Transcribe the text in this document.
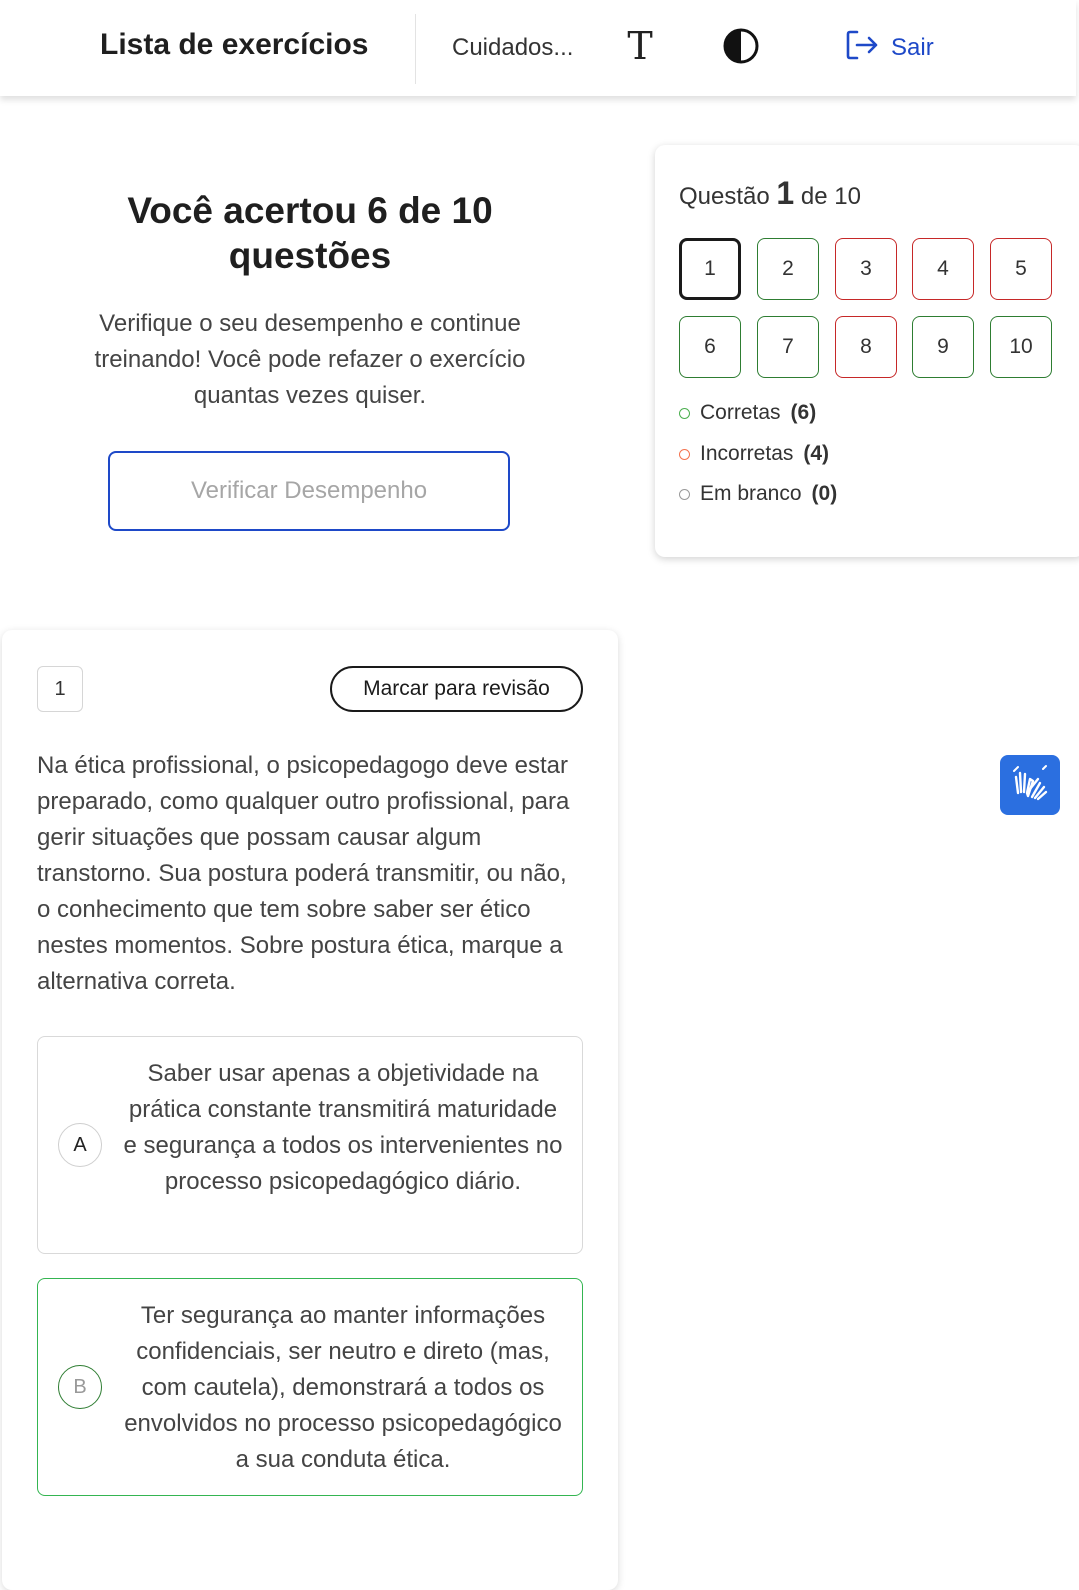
Lista de exercícios	Cuidados... T	Sair
Você acertou 6 de 10 questões

Verifique o seu desempenho e continue treinando! Você pode refazer o exercício quantas vezes quiser.

Verificar Desempenho
Questão 1 de 10
1	2	3	4	5
6	7	8	9	10
Corretas (6)
Incorretas (4)
Em branco (0)
1	Marcar para revisão

Na ética profissional, o psicopedagogo deve estar preparado, como qualquer outro profissional, para gerir situações que possam causar algum transtorno. Sua postura poderá transmitir, ou não, o conhecimento que tem sobre saber ser ético nestes momentos. Sobre postura ética, marque a alternativa correta.

A
Saber usar apenas a objetividade na prática constante transmitirá maturidade e segurança a todos os intervenientes no processo psicopedagógico diário.
B
Ter segurança ao manter informações confidenciais, ser neutro e direto (mas, com cautela), demonstrará a todos os envolvidos no processo psicopedagógico a sua conduta ética.
